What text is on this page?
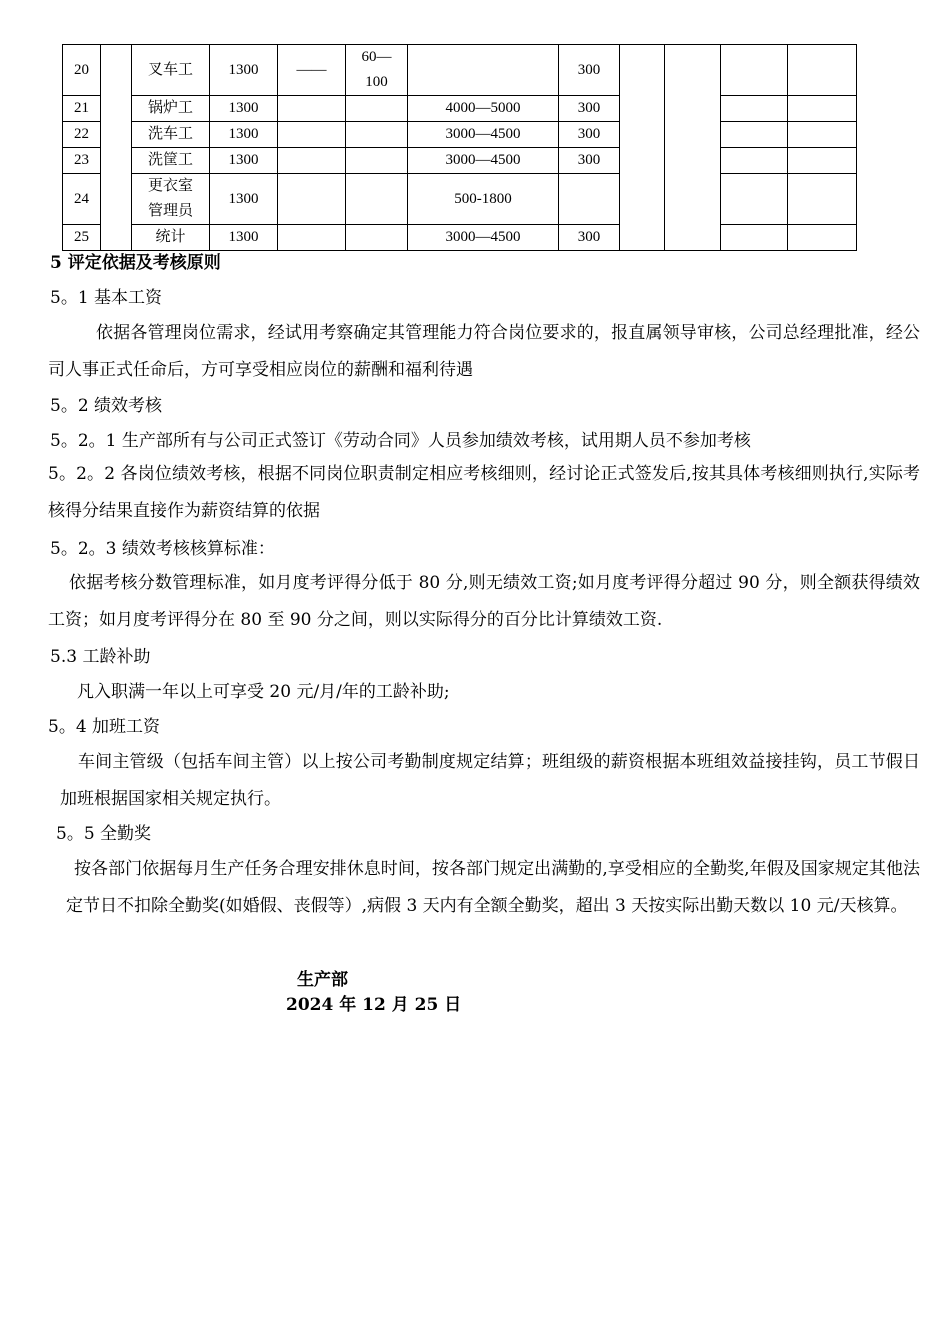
20		叉车工	1300	——	60—100		300				
21		锅炉工	1300			4000—5000	300				
22		洗车工	1300			3000—4500	300				
23		洗筐工	1300			3000—4500	300				
24		更衣室管理员	1300			500-1800					
25		统计	1300			3000—4500	300				
5 评定依据及考核原则
5。1 基本工资
依据各管理岗位需求，经试用考察确定其管理能力符合岗位要求的，报直属领导审核，公司总经理批准，经公司人事正式任命后，方可享受相应岗位的薪酬和福利待遇
5。2 绩效考核
5。2。1 生产部所有与公司正式签订《劳动合同》人员参加绩效考核，试用期人员不参加考核
5。2。2 各岗位绩效考核，根据不同岗位职责制定相应考核细则，经讨论正式签发后,按其具体考核细则执行,实际考核得分结果直接作为薪资结算的依据
5。2。3 绩效考核核算标准：
依据考核分数管理标准，如月度考评得分低于 80 分,则无绩效工资;如月度考评得分超过 90 分，则全额获得绩效工资；如月度考评得分在 80 至 90 分之间，则以实际得分的百分比计算绩效工资.
5.3 工龄补助
凡入职满一年以上可享受 20 元/月/年的工龄补助;
5。4 加班工资
车间主管级（包括车间主管）以上按公司考勤制度规定结算；班组级的薪资根据本班组效益接挂钩，员工节假日加班根据国家相关规定执行。
5。5 全勤奖
按各部门依据每月生产任务合理安排休息时间，按各部门规定出满勤的,享受相应的全勤奖,年假及国家规定其他法定节日不扣除全勤奖(如婚假、丧假等）,病假 3 天内有全额全勤奖，超出 3 天按实际出勤天数以 10 元/天核算。
生产部
2024 年 12 月 25 日
